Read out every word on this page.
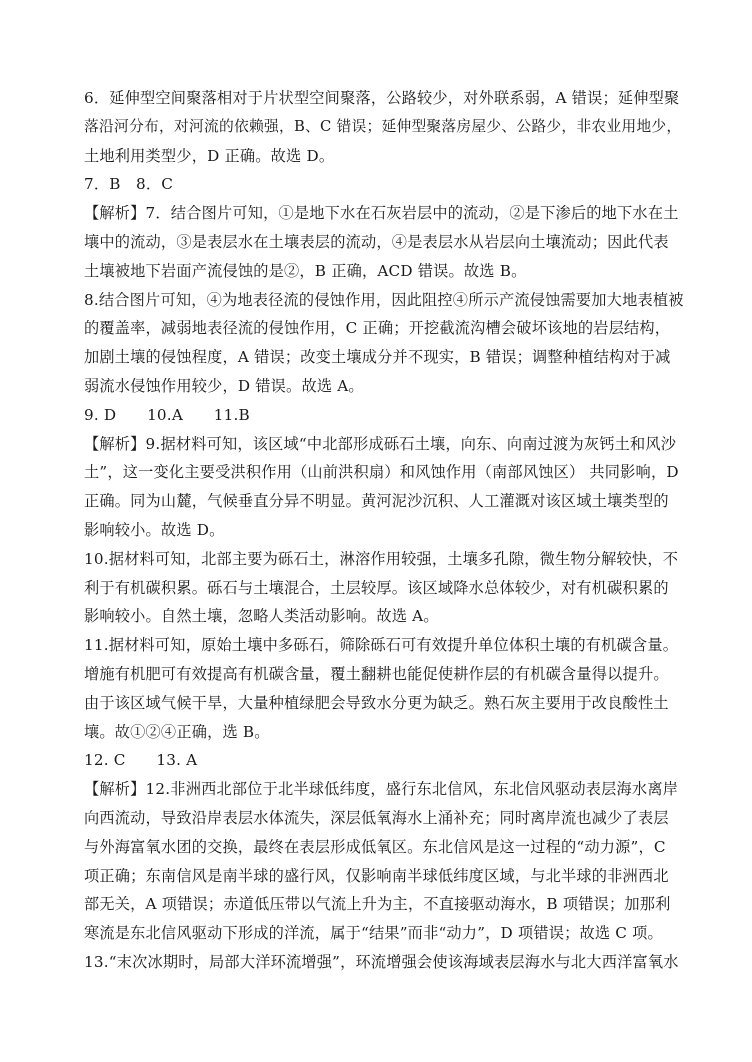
6．延伸型空间聚落相对于片状型空间聚落，公路较少，对外联系弱，A 错误；延伸型聚
落沿河分布，对河流的依赖强，B、C 错误；延伸型聚落房屋少、公路少，非农业用地少，
土地利用类型少，D 正确。故选 D。
7．B　8．C
【解析】7．结合图片可知，①是地下水在石灰岩层中的流动，②是下渗后的地下水在土
壤中的流动，③是表层水在土壤表层的流动，④是表层水从岩层向土壤流动；因此代表
土壤被地下岩面产流侵蚀的是②，B 正确，ACD 错误。故选 B。
8.结合图片可知，④为地表径流的侵蚀作用，因此阻控④所示产流侵蚀需要加大地表植被
的覆盖率，减弱地表径流的侵蚀作用，C 正确；开挖截流沟槽会破坏该地的岩层结构，
加剧土壤的侵蚀程度，A 错误；改变土壤成分并不现实，B 错误；调整种植结构对于减
弱流水侵蚀作用较少，D 错误。故选 A。
9. D　　10.A　　11.B
【解析】9.据材料可知，该区域“中北部形成砾石土壤，向东、向南过渡为灰钙土和风沙
土”，这一变化主要受洪积作用（山前洪积扇）和风蚀作用（南部风蚀区） 共同影响，D
正确。同为山麓，气候垂直分异不明显。黄河泥沙沉积、人工灌溉对该区域土壤类型的
影响较小。故选 D。
10.据材料可知，北部主要为砾石土，淋溶作用较强，土壤多孔隙，微生物分解较快，不
利于有机碳积累。砾石与土壤混合，土层较厚。该区域降水总体较少，对有机碳积累的
影响较小。自然土壤，忽略人类活动影响。故选 A。
11.据材料可知，原始土壤中多砾石，筛除砾石可有效提升单位体积土壤的有机碳含量。
增施有机肥可有效提高有机碳含量，覆土翻耕也能促使耕作层的有机碳含量得以提升。
由于该区域气候干旱，大量种植绿肥会导致水分更为缺乏。熟石灰主要用于改良酸性土
壤。故①②④正确，选 B。
12. C　　13. A
【解析】12.非洲西北部位于北半球低纬度，盛行东北信风，东北信风驱动表层海水离岸
向西流动，导致沿岸表层水体流失，深层低氧海水上涌补充；同时离岸流也减少了表层
与外海富氧水团的交换，最终在表层形成低氧区。东北信风是这一过程的“动力源”，C
项正确；东南信风是南半球的盛行风，仅影响南半球低纬度区域，与北半球的非洲西北
部无关，A 项错误；赤道低压带以气流上升为主，不直接驱动海水，B 项错误；加那利
寒流是东北信风驱动下形成的洋流，属于“结果”而非“动力”，D 项错误；故选 C 项。
13.“末次冰期时，局部大洋环流增强”，环流增强会使该海域表层海水与北大西洋富氧水
